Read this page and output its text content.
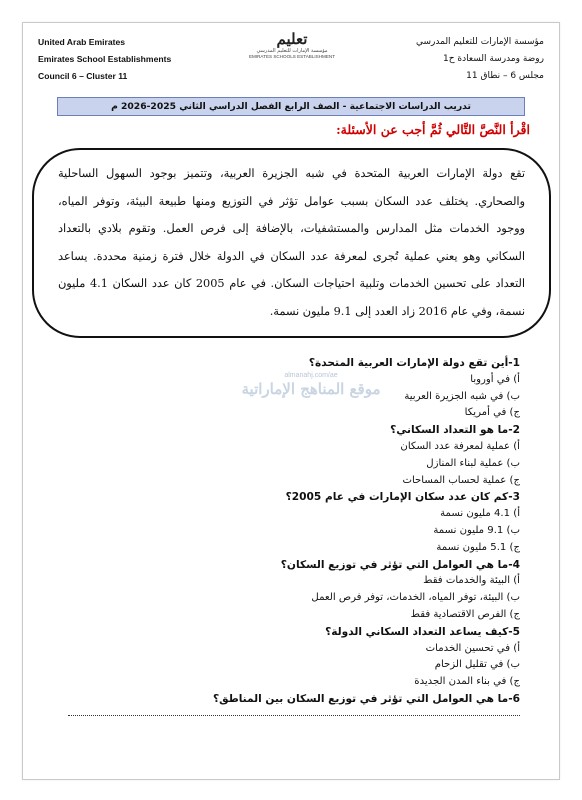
United Arab Emirates
Emirates School Establishments
Council 6 – Cluster 11
تعليم
مؤسسة الإمارات للتعليم المدرسي
EMIRATES SCHOOLS ESTABLISHMENT
مؤسسة الإمارات للتعليم المدرسي
روضة ومدرسة السعادة ح1
مجلس 6 – نطاق 11
تدريب الدراسات الاجتماعية - الصف الرابع الفصل الدراسي الثاني 2025-2026 م
اقْرأ النَّصَّ التَّالي ثُمَّ أجب عن الأسئلة:
تقع دولة الإمارات العربية المتحدة في شبه الجزيرة العربية، وتتميز بوجود السهول الساحلية
والصحاري. يختلف عدد السكان بسبب عوامل تؤثر في التوزيع ومنها طبيعة البيئة، وتوفر المياه،
ووجود الخدمات مثل المدارس والمستشفيات، بالإضافة إلى فرص العمل. وتقوم بلادي بالتعداد
السكاني وهو يعني عملية تُجرى لمعرفة عدد السكان في الدولة خلال فترة زمنية محددة. يساعد
التعداد على تحسين الخدمات وتلبية احتياجات السكان. في عام 2005 كان عدد السكان 4.1 مليون
نسمة، وفي عام 2016 زاد العدد إلى 9.1 مليون نسمة.
almanahj.com/ae
موقع المناهج الإماراتية
1-أين تقع دولة الإمارات العربية المتحدة؟
أ) في أوروبا
ب) في شبه الجزيرة العربية
ج) في أمريكا
2-ما هو التعداد السكاني؟
أ) عملية لمعرفة عدد السكان
ب) عملية لبناء المنازل
ج) عملية لحساب المساحات
3-كم كان عدد سكان الإمارات في عام 2005؟
أ) 4.1 مليون نسمة
ب) 9.1 مليون نسمة
ج) 5.1 مليون نسمة
4-ما هي العوامل التي تؤثر في توزيع السكان؟
أ) البيئة والخدمات فقط
ب) البيئة، توفر المياه، الخدمات، توفر فرص العمل
ج) الفرص الاقتصادية فقط
5-كيف يساعد التعداد السكاني الدولة؟
أ) في تحسين الخدمات
ب) في تقليل الزحام
ج) في بناء المدن الجديدة
6-ما هي العوامل التي تؤثر في توزيع السكان بين المناطق؟
